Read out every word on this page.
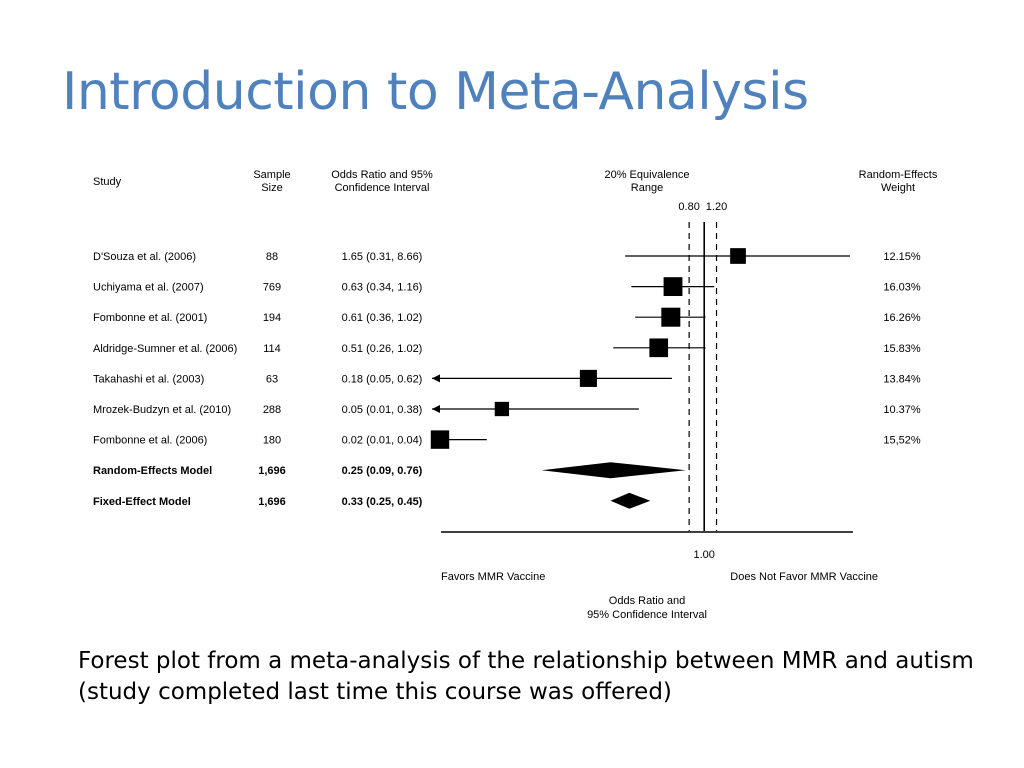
Introduction to Meta-Analysis
Study
Sample
Size
Odds Ratio and 95%
Confidence Interval
20% Equivalence
Range
Random-Effects
Weight
0.80 1.20
D'Souza et al. (2006)	88	1.65 (0.31, 8.66)	12.15%
Uchiyama et al. (2007)	769	0.63 (0.34, 1.16)	16.03%
Fombonne et al. (2001)	194	0.61 (0.36, 1.02)	16.26%
Aldridge-Sumner et al. (2006) 114	0.51 (0.26, 1.02)	15.83%
Takahashi et al. (2003)	63	0.18 (0.05, 0.62)	13.84%
Mrozek-Budzyn et al. (2010)	288	0.05 (0.01, 0.38)	10.37%
Fombonne et al. (2006)	180	0.02 (0.01, 0.04)	15,52%
Random-Effects Model	1,696	0.25 (0.09, 0.76)
Fixed-Effect Model	1,696	0.33 (0.25, 0.45)
1.00
Favors MMR Vaccine	Does Not Favor MMR Vaccine
Odds Ratio and
95% Confidence Interval

Forest plot from a meta-analysis of the relationship between MMR and autism (study completed last time this course was offered)
